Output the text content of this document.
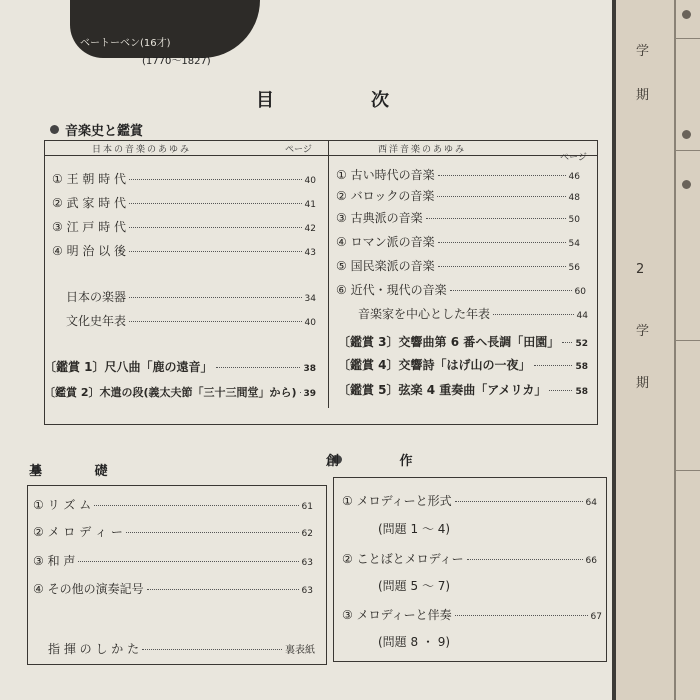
ベートーベン(16才)
(1770～1827)
目	次
音楽史と鑑賞
日本の音楽のあゆみ	ページ	西洋音楽のあゆみ
ページ
① 王 朝 時 代	40
② 武 家 時 代	41
③ 江 戸 時 代	42
④ 明 治 以 後	43
日本の楽器	34
文化史年表	40
〔鑑賞 1〕尺八曲「鹿の遠音」	38
〔鑑賞 2〕木遣の段(義太夫節「三十三間堂」から) 39
① 古い時代の音楽	46
② バロックの音楽	48
③ 古典派の音楽	50
④ ロマン派の音楽	54
⑤ 国民楽派の音楽	56
⑥ 近代・現代の音楽	60
音楽家を中心とした年表	44
〔鑑賞 3〕交響曲第 6 番ヘ長調「田園」 52
〔鑑賞 4〕交響詩「はげ山の一夜」	58
〔鑑賞 5〕弦楽 4 重奏曲「アメリカ」	58
基 礎
① リ ズ ム	61
② メ ロ デ ィ ー	62
③ 和 声	63
④ その他の演奏記号	63
指 揮 の し か た	裏表紙
創 作
① メロディーと形式	64
(問題 1 ～ 4)
② ことばとメロディー	66
(問題 5 ～ 7)
③ メロディーと伴奏	67
(問題 8 ・ 9)
学
期
2
学
期
